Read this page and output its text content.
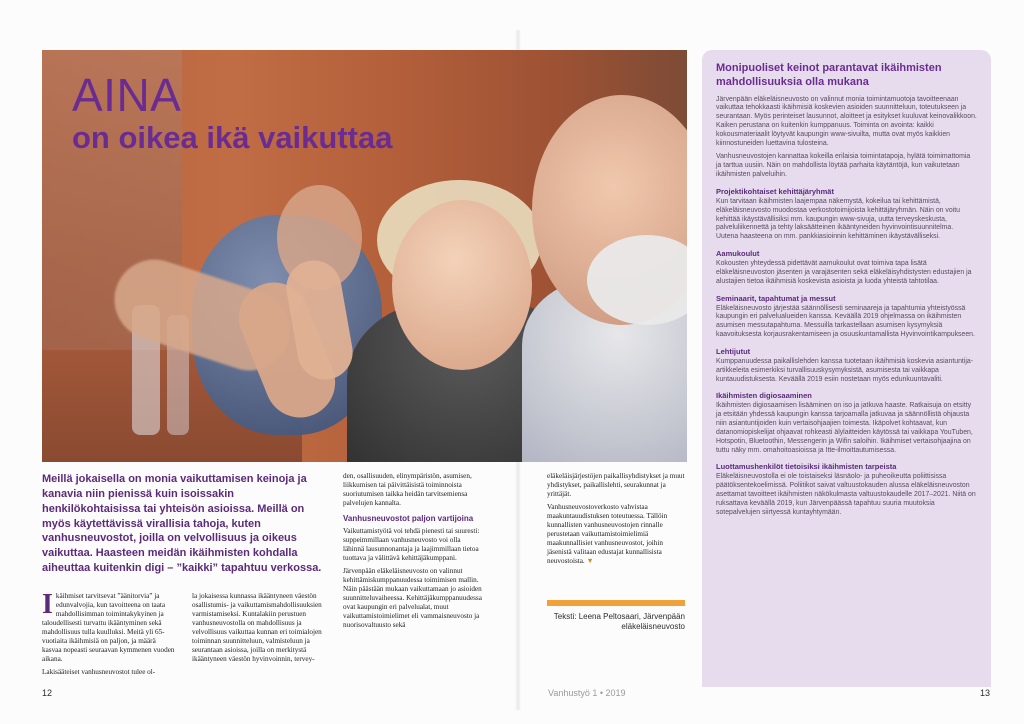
AINA
on oikea ikä vaikuttaa
Meillä jokaisella on monia vaikuttamisen keinoja ja kanavia niin pienissä kuin isoissakin henkilökohtaisissa tai yhteisön asioissa. Meillä on myös käytettävissä virallisia tahoja, kuten vanhusneuvostot, joilla on velvollisuus ja oikeus vaikuttaa. Haasteen meidän ikäihmisten kohdalla aiheuttaa kuitenkin digi – ”kaikki” tapahtuu verkossa.
I käihmiset tarvitsevat ”äänitorvia” ja edunvalvojia, kun tavoitteena on taata mahdollisimman toimintakykyinen ja taloudellisesti turvattu ikääntyminen sekä mahdollisuus tulla kuulluksi. Meitä yli 65-vuotiaita ikäihmisiä on paljon, ja määrä kasvaa nopeasti seuraavan kymmenen vuoden aikana.

Lakisääteiset vanhusneuvostot tulee ol-

la jokaisessa kunnassa ikääntyneen väestön osallistumis- ja vaikuttamismahdollisuuksien varmistamiseksi. Kuntalakiin perustuen vanhusneuvostolla on mahdollisuus ja velvollisuus vaikuttaa kunnan eri toimialojen toiminnan suunnitteluun, valmisteluun ja seurantaan asioissa, joilla on merkitystä ikääntyneen väestön hyvinvoinnin, tervey-

den, osallisuuden, elinympäristön, asumisen, liikkumisen tai päivittäisistä toiminnoista suoriutumisen taikka heidän tarvitsemiensa palvelujen kannalta.

Vanhusneuvostot paljon vartijoina

Vaikuttamistyötä voi tehdä pienesti tai suuresti: suppeimmillaan vanhusneuvosto voi olla lähinnä lausunnonantaja ja laajimmillaan tietoa tuottava ja välittävä kehittäjäkumppani.

Järvenpään eläkeläisneuvosto on valinnut kehittämiskumppanuudessa toimimisen mallin. Näin päästään mukaan vaikuttamaan jo asioiden suunnitteluvaiheessa. Kehittäjäkumppanuudessa ovat kaupungin eri palvelualat, muut vaikuttamistoimielimet eli vammaisneuvosto ja nuorisovaltuusto sekä

eläkeläisjärjestöjen paikallisyhdistykset ja muut yhdistykset, paikallislehti, seurakunnat ja yrittäjät.

Vanhusneuvostoverkosto vahvistaa maakuntauudistuksen toteutuessa. Tällöin kunnallisten vanhusneuvostojen rinnalle perustetaan vaikuttamistoimielimiä maakunnallisiet vanhusneuvostot, joihin jäsenistä valitaan edustajat kunnallisista neuvostoista. ▼

Teksti: Leena Peltosaari, Järvenpään
eläkeläisneuvosto
Monipuoliset keinot parantavat ikäihmisten mahdollisuuksia olla mukana

Järvenpään eläkeläisneuvosto on valinnut monia toimintamuotoja tavoitteenaan vaikuttaa tehokkaasti ikäihmisiä koskevien asioiden suunnitteluun, toteutukseen ja seurantaan. Myös perinteiset lausunnot, aloitteet ja esitykset kuuluvat keinovalikkoon. Kaiken perustana on kuitenkin kumppanuus. Toiminta on avointa: kaikki kokousmateriaalit löytyvät kaupungin www-sivuilta, mutta ovat myös kaikkien kiinnostuneiden luettavina tulosteina.

Vanhusneuvostojen kannattaa kokeilla erilaisia toimintatapoja, hylätä toimimattomia ja tarttua uusiin. Näin on mahdollista löytää parhaita käytäntöjä, kun vaikutetaan ikäihmisten palveluihin.

Projektikohtaiset kehittäjäryhmät

Kun tarvitaan ikäihmisten laajempaa näkemystä, kokeilua tai kehittämistä, eläkeläisneuvosto muodostaa verkostotoimijoista kehittäjäryhmän. Näin on voitu kehittää ikäystävällisiksi mm. kaupungin www-sivuja, uutta terveyskeskusta, palveluliikennettä ja tehty laksäätteinen ikääntyneiden hyvinvointisuunnitelma. Uutena haasteena on mm. pankkiasioinnin kehittäminen ikäystävälliseksi.

Aamukoulut

Kokousten yhteydessä pidettävät aamukoulut ovat toimiva tapa lisätä eläkeläisneuvoston jäsenten ja varajäsenten sekä eläkeläisyhdistysten edustajien ja alustajien tietoa ikäihmisiä koskevista asioista ja luoda yhteistä tahtotilaa.

Seminaarit, tapahtumat ja messut

Eläkeläisneuvosto järjestää säännöllisesti seminaareja ja tapahtumia yhteistyössä kaupungin eri palvelualueiden kanssa. Keväällä 2019 ohjelmassa on ikäihmisten asumisen messutapahtuma. Messuilla tarkastellaan asumisen kysymyksiä kaavoituksesta korjausrakentamiseen ja osuuskuntamallista Hyvinvointikampukseen.

Lehtijutut

Kumppanuudessa paikallislehden kanssa tuotetaan ikäihmisiä koskevia asiantuntija-artikkeleita esimerkiksi turvallisuuskysymyksistä, asumisesta tai vaikkapa kuntauudistuksesta. Keväällä 2019 esiin nostetaan myös edunkuuntavaliti.

Ikäihmisten digiosaaminen

Ikäihmisten digiosaamisen lisääminen on iso ja jatkuva haaste. Ratkaisuja on etsitty ja etsitään yhdessä kaupungin kanssa tarjoamalla jatkuvaa ja säännöllistä ohjausta niin asiantuntijoiden kuin vertaisohjaajien toimesta. Ikäpolvet kohtaavat, kun datanomiopiskelijat ohjaavat rohkeasti älylaitteiden käytössä tai vaikkapa YouTuben, Hotspotin, Bluetoothin, Messengerin ja Wifin saloihin. Ikäihmiset vertaisohjaajina on tuttu näky mm. omahoitoasioissa ja Itte-ilmoittautumisessa.

Luottamushenkilöt tietoisiksi ikäihmisten tarpeista

Eläkeläisneuvostolla ei ole toistaiseksi läsnäolo- ja puheoikeutta poliittisissa päätöksentekoelimissä. Poliitikot saivat valtuustokauden alussa eläkeläisneuvoston asettamat tavoitteet ikäihmisten näkökulmasta valtuustokaudelle 2017–2021. Niitä on ruksattava keväällä 2019, kun Järvenpäässä tapahtuu suuria muutoksia sotepalvelujen siirtyessä kuntayhtymään.

12	Vanhustyö 1 • 2019	13
